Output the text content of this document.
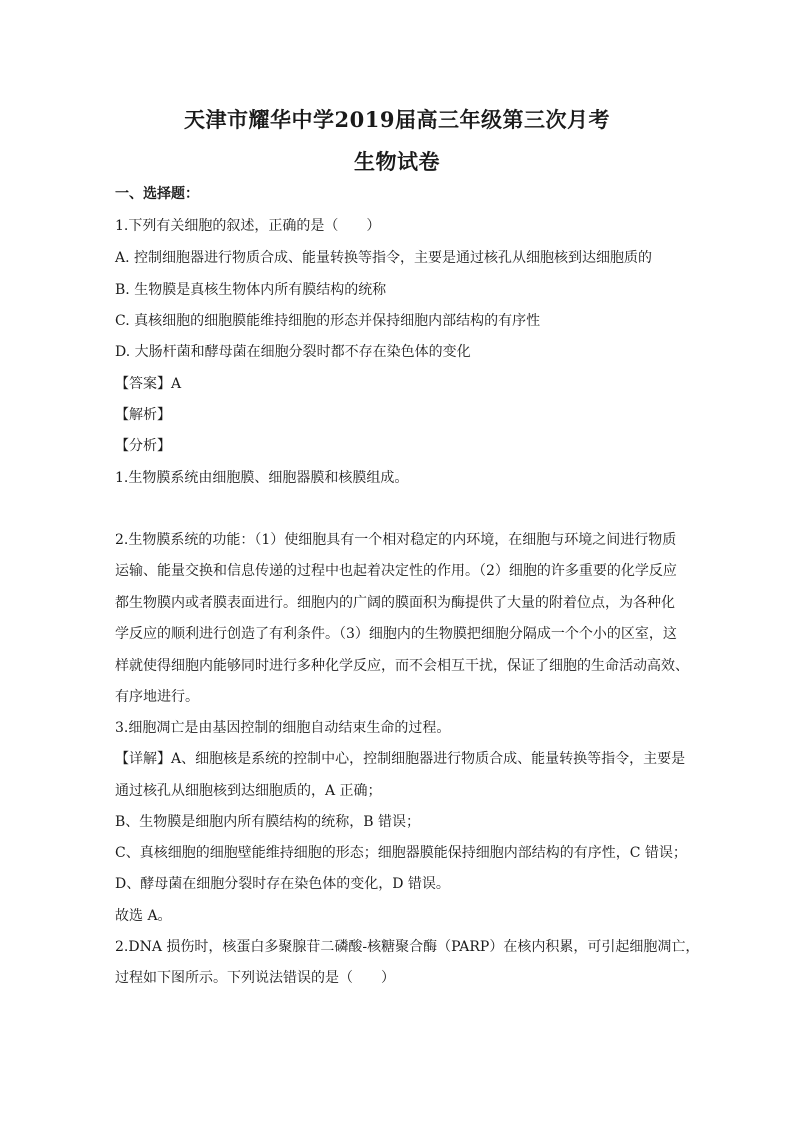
天津市耀华中学2019届高三年级第三次月考
生物试卷
一、选择题：
1.下列有关细胞的叙述，正确的是（　　）
A. 控制细胞器进行物质合成、能量转换等指令，主要是通过核孔从细胞核到达细胞质的
B. 生物膜是真核生物体内所有膜结构的统称
C. 真核细胞的细胞膜能维持细胞的形态并保持细胞内部结构的有序性
D. 大肠杆菌和酵母菌在细胞分裂时都不存在染色体的变化
【答案】A
【解析】
【分析】
1.生物膜系统由细胞膜、细胞器膜和核膜组成。
2.生物膜系统的功能：（1）使细胞具有一个相对稳定的内环境，在细胞与环境之间进行物质
运输、能量交换和信息传递的过程中也起着决定性的作用。（2）细胞的许多重要的化学反应
都生物膜内或者膜表面进行。细胞内的广阔的膜面积为酶提供了大量的附着位点，为各种化
学反应的顺利进行创造了有利条件。（3）细胞内的生物膜把细胞分隔成一个个小的区室，这
样就使得细胞内能够同时进行多种化学反应，而不会相互干扰，保证了细胞的生命活动高效、
有序地进行。
3.细胞凋亡是由基因控制的细胞自动结束生命的过程。
【详解】A、细胞核是系统的控制中心，控制细胞器进行物质合成、能量转换等指令，主要是
通过核孔从细胞核到达细胞质的，A 正确；
B、生物膜是细胞内所有膜结构的统称，B 错误；
C、真核细胞的细胞壁能维持细胞的形态；细胞器膜能保持细胞内部结构的有序性，C 错误；
D、酵母菌在细胞分裂时存在染色体的变化，D 错误。
故选 A。
2.DNA 损伤时，核蛋白多聚腺苷二磷酸-核糖聚合酶（PARP）在核内积累，可引起细胞凋亡，
过程如下图所示。下列说法错误的是（　　）
